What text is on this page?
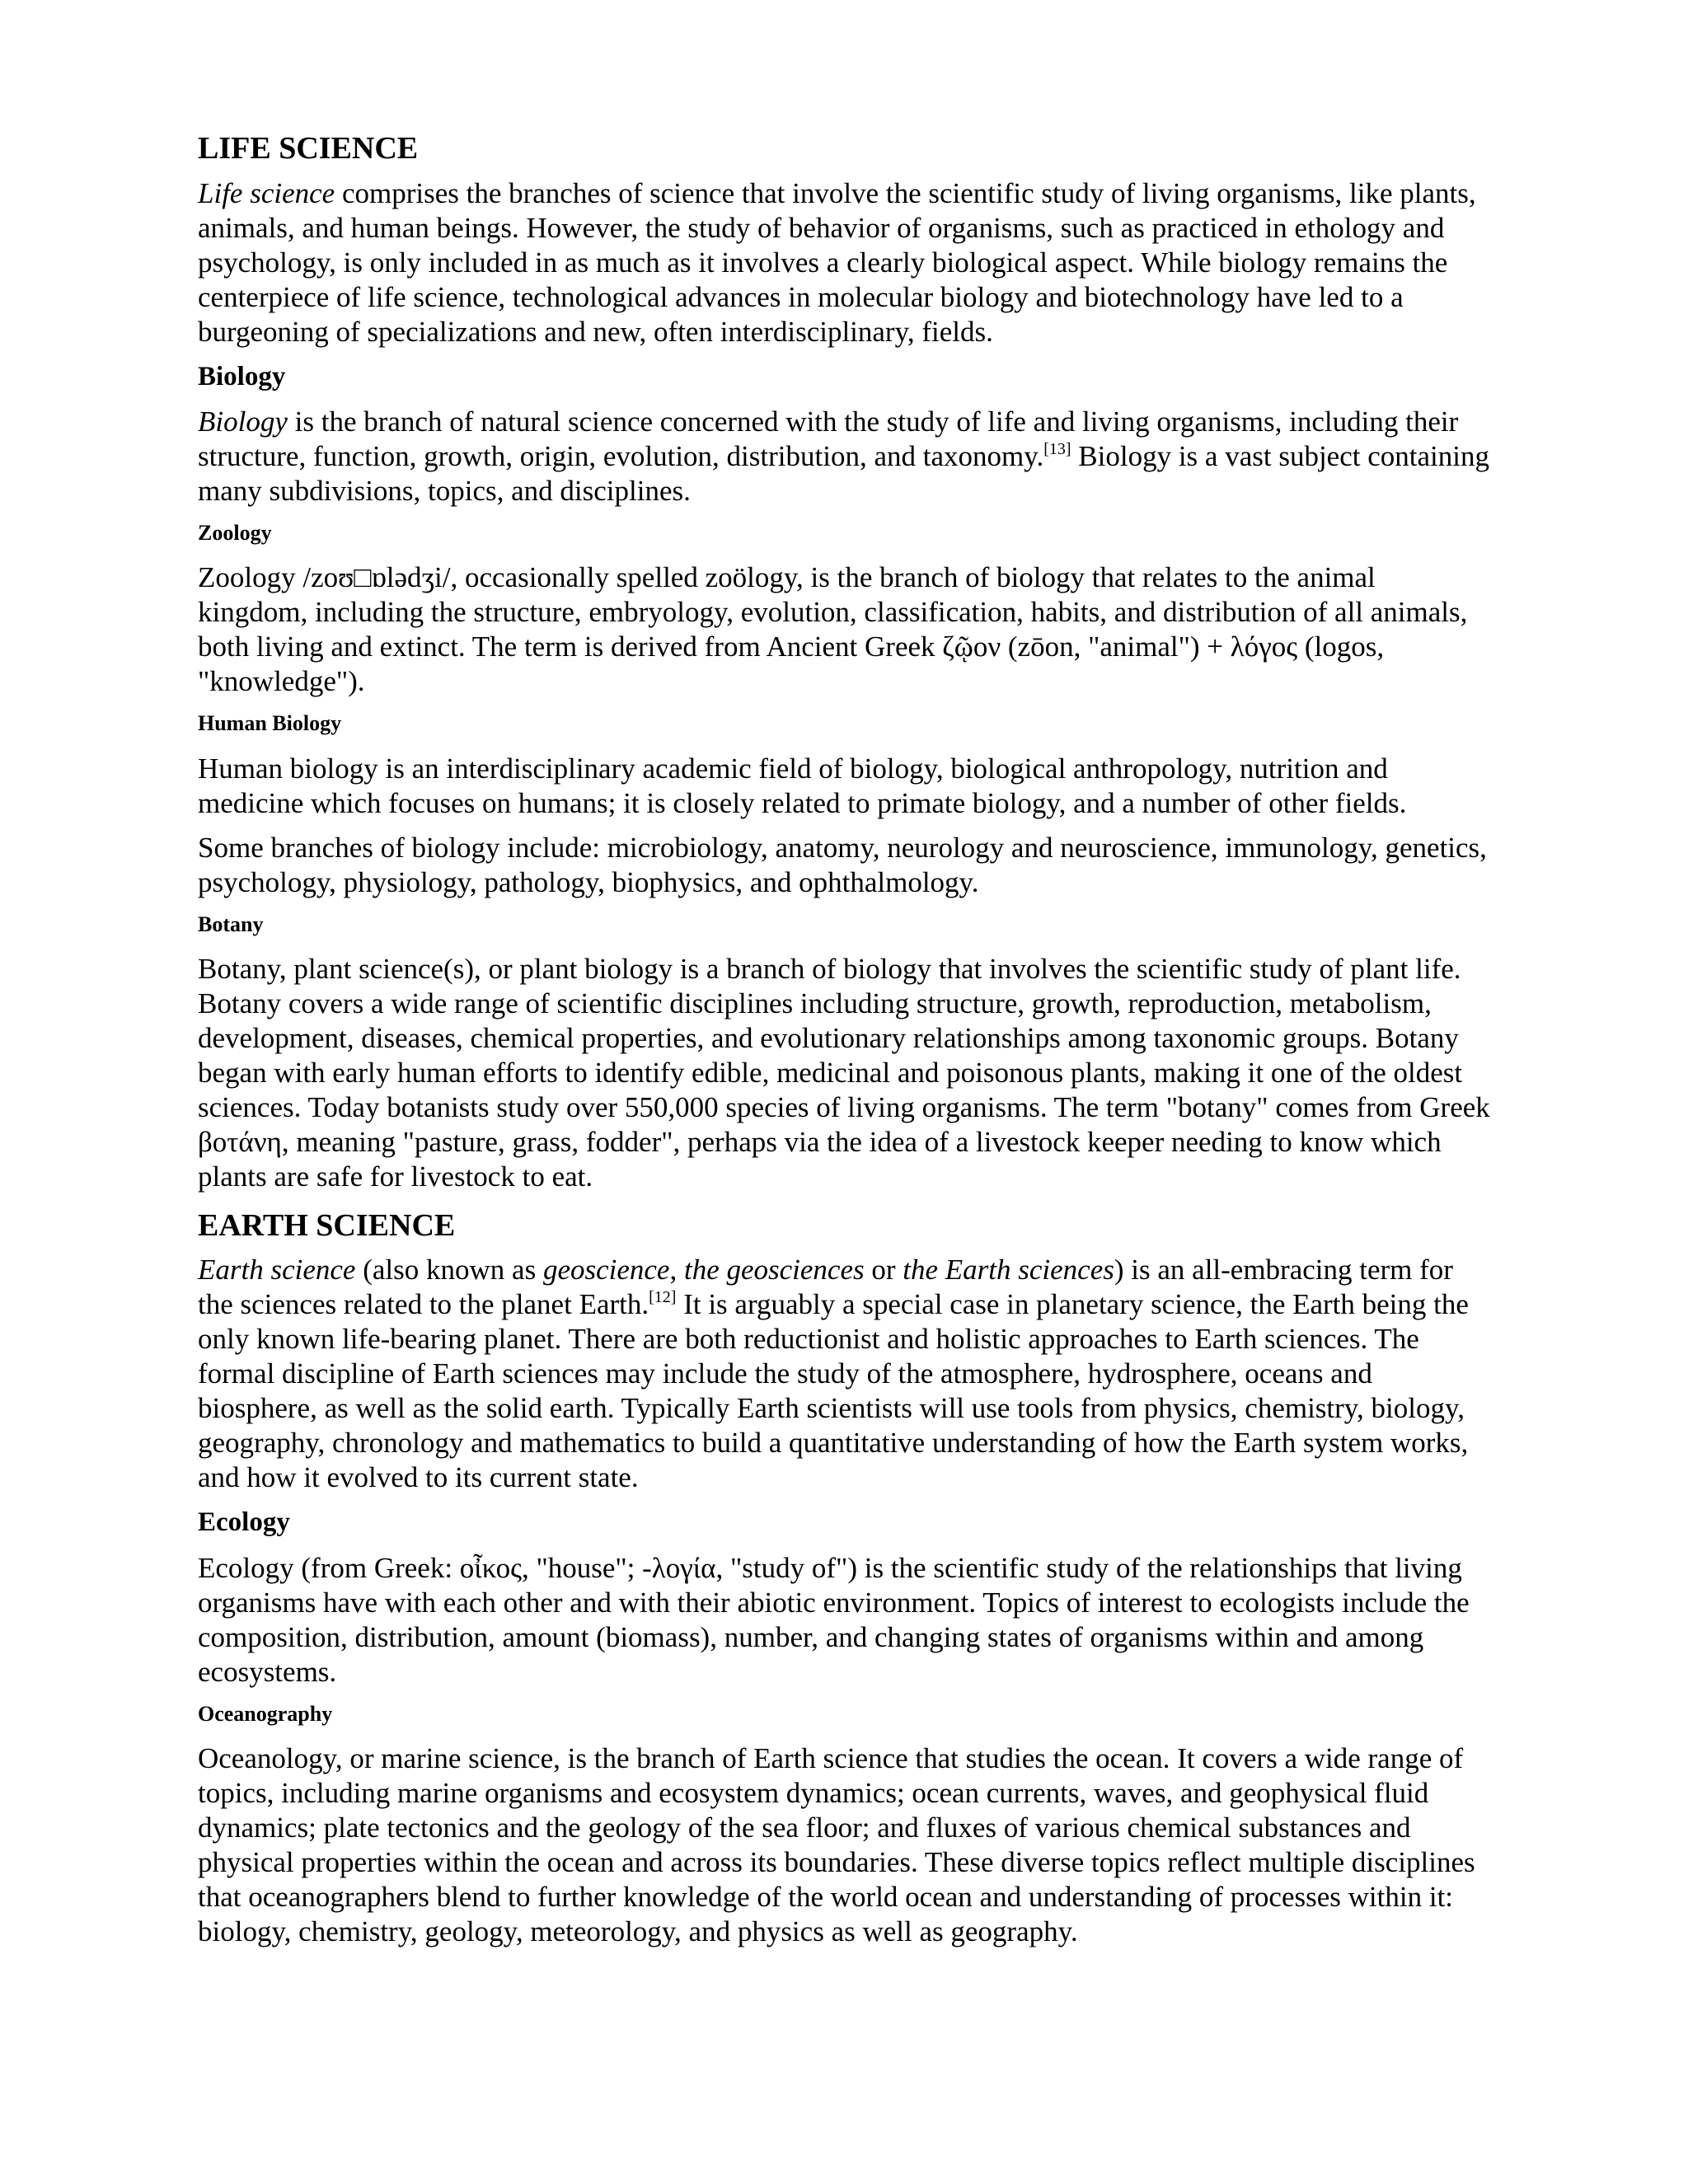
LIFE SCIENCE

Life science comprises the branches of science that involve the scientific study of living organisms, like plants, animals, and human beings. However, the study of behavior of organisms, such as practiced in ethology and psychology, is only included in as much as it involves a clearly biological aspect. While biology remains the centerpiece of life science, technological advances in molecular biology and biotechnology have led to a burgeoning of specializations and new, often interdisciplinary, fields.

Biology

Biology is the branch of natural science concerned with the study of life and living organisms, including their structure, function, growth, origin, evolution, distribution, and taxonomy.[13] Biology is a vast subject containing many subdivisions, topics, and disciplines.

Zoology

Zoology /zoʊ□ɒlədʒi/, occasionally spelled zoölogy, is the branch of biology that relates to the animal kingdom, including the structure, embryology, evolution, classification, habits, and distribution of all animals, both living and extinct. The term is derived from Ancient Greek ζῷον (zōon, "animal") + λόγος (logos, "knowledge").

Human Biology

Human biology is an interdisciplinary academic field of biology, biological anthropology, nutrition and medicine which focuses on humans; it is closely related to primate biology, and a number of other fields.

Some branches of biology include: microbiology, anatomy, neurology and neuroscience, immunology, genetics, psychology, physiology, pathology, biophysics, and ophthalmology.

Botany

Botany, plant science(s), or plant biology is a branch of biology that involves the scientific study of plant life. Botany covers a wide range of scientific disciplines including structure, growth, reproduction, metabolism, development, diseases, chemical properties, and evolutionary relationships among taxonomic groups. Botany began with early human efforts to identify edible, medicinal and poisonous plants, making it one of the oldest sciences. Today botanists study over 550,000 species of living organisms. The term "botany" comes from Greek βοτάνη, meaning "pasture, grass, fodder", perhaps via the idea of a livestock keeper needing to know which plants are safe for livestock to eat.

EARTH SCIENCE

Earth science (also known as geoscience, the geosciences or the Earth sciences) is an all-embracing term for the sciences related to the planet Earth.[12] It is arguably a special case in planetary science, the Earth being the only known life-bearing planet. There are both reductionist and holistic approaches to Earth sciences. The formal discipline of Earth sciences may include the study of the atmosphere, hydrosphere, oceans and biosphere, as well as the solid earth. Typically Earth scientists will use tools from physics, chemistry, biology, geography, chronology and mathematics to build a quantitative understanding of how the Earth system works, and how it evolved to its current state.

Ecology

Ecology (from Greek: οἶκος, "house"; -λογία, "study of") is the scientific study of the relationships that living organisms have with each other and with their abiotic environment. Topics of interest to ecologists include the composition, distribution, amount (biomass), number, and changing states of organisms within and among ecosystems.

Oceanography

Oceanology, or marine science, is the branch of Earth science that studies the ocean. It covers a wide range of topics, including marine organisms and ecosystem dynamics; ocean currents, waves, and geophysical fluid dynamics; plate tectonics and the geology of the sea floor; and fluxes of various chemical substances and physical properties within the ocean and across its boundaries. These diverse topics reflect multiple disciplines that oceanographers blend to further knowledge of the world ocean and understanding of processes within it: biology, chemistry, geology, meteorology, and physics as well as geography.
